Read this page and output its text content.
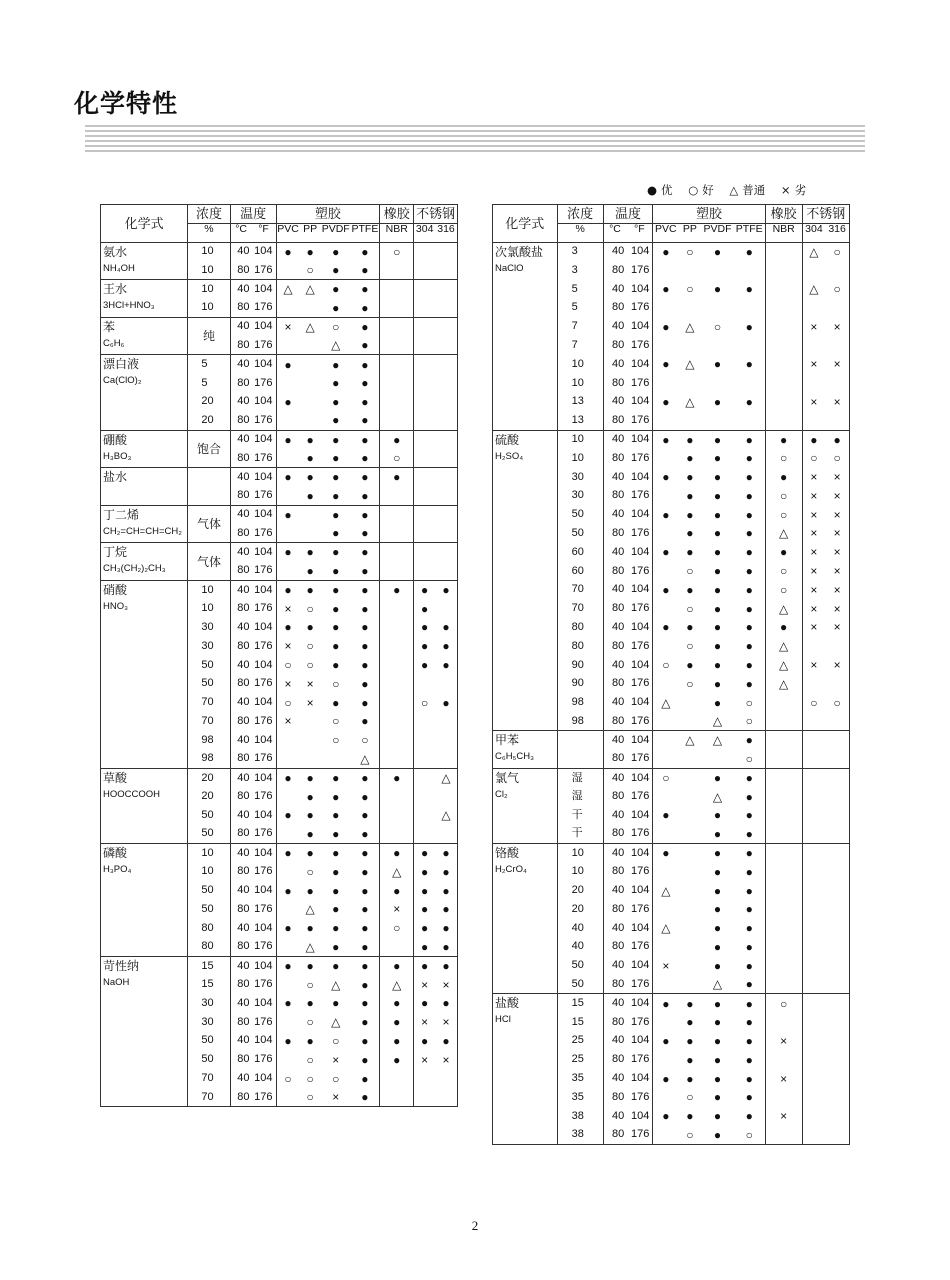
化学特性
● 优 ○ 好 △ 普通 × 劣
化学式	浓度		温度		塑胶				橡胶	不锈钢	
	%		°C	°F	PVC	PP	PVDF	PTFE	NBR	304	316

氨水
NH₄OH		10	40	104	●	●	●	●	○		
		10	80	176		○	●	●			

王水
3HCl+HNO₃		10	40	104	△	△	●	●			
		10	80	176			●	●			

苯
C₆H₆	纯		40	104	×	△	○	●			
			80	176			△	●			

漂白液
Ca(ClO)₂		5	40	104	●		●	●			
		5	80	176			●	●			
		20	40	104	●		●	●			
		20	80	176			●	●			

硼酸
H₃BO₃	饱合		40	104	●	●	●	●	●		
			80	176		●	●	●	○		

盐水			40	104	●	●	●	●	●		
			80	176		●	●	●			

丁二烯
CH₂=CH=CH=CH₂	气体		40	104	●		●	●			
			80	176			●	●			

丁烷
CH₃(CH₂)₂CH₃	气体		40	104	●	●	●	●			
			80	176		●	●	●			

硝酸
HNO₃		10	40	104	●	●	●	●	●	●	●
		10	80	176	×	○	●	●		●	
		30	40	104	●	●	●	●		●	●
		30	80	176	×	○	●	●		●	●
		50	40	104	○	○	●	●		●	●
		50	80	176	×	×	○	●			
		70	40	104	○	×	●	●		○	●
		70	80	176	×		○	●			
		98	40	104			○	○			
		98	80	176				△			

草酸
HOOCCOOH		20	40	104	●	●	●	●	●		△
		20	80	176		●	●	●			
		50	40	104	●	●	●	●			△
		50	80	176		●	●	●			

磷酸
H₃PO₄		10	40	104	●	●	●	●	●	●	●
		10	80	176		○	●	●	△	●	●
		50	40	104	●	●	●	●	●	●	●
		50	80	176		△	●	●	×	●	●
		80	40	104	●	●	●	●	○	●	●
		80	80	176		△	●	●		●	●

苛性纳
NaOH		15	40	104	●	●	●	●	●	●	●
		15	80	176		○	△	●	△	×	×
		30	40	104	●	●	●	●	●	●	●
		30	80	176		○	△	●	●	×	×
		50	40	104	●	●	○	●	●	●	●
		50	80	176		○	×	●	●	×	×
		70	40	104	○	○	○	●			
		70	80	176		○	×	●			
化学式	浓度		温度		塑胶				橡胶	不锈钢	
	%		°C	°F	PVC	PP	PVDF	PTFE	NBR	304	316

次氯酸盐
NaClO		3	40	104	●	○	●	●		△	○
		3	80	176							
		5	40	104	●	○	●	●		△	○
		5	80	176							
		7	40	104	●	△	○	●		×	×
		7	80	176							
		10	40	104	●	△	●	●		×	×
		10	80	176							
		13	40	104	●	△	●	●		×	×
		13	80	176							

硫酸
H₂SO₄		10	40	104	●	●	●	●	●	●	●
		10	80	176		●	●	●	○	○	○
		30	40	104	●	●	●	●	●	×	×
		30	80	176		●	●	●	○	×	×
		50	40	104	●	●	●	●	○	×	×
		50	80	176		●	●	●	△	×	×
		60	40	104	●	●	●	●	●	×	×
		60	80	176		○	●	●	○	×	×
		70	40	104	●	●	●	●	○	×	×
		70	80	176		○	●	●	△	×	×
		80	40	104	●	●	●	●	●	×	×
		80	80	176		○	●	●	△		
		90	40	104	○	●	●	●	△	×	×
		90	80	176		○	●	●	△		
		98	40	104	△		●	○		○	○
		98	80	176			△	○			

甲苯
C₆H₅CH₃			40	104		△	△	●			
			80	176				○			

氯气
Cl₂		湿	40	104	○		●	●			
		湿	80	176			△	●			
		干	40	104	●		●	●			
		干	80	176			●	●			

铬酸
H₂CrO₄		10	40	104	●		●	●			
		10	80	176			●	●			
		20	40	104	△		●	●			
		20	80	176			●	●			
		40	40	104	△		●	●			
		40	80	176			●	●			
		50	40	104	×		●	●			
		50	80	176			△	●			

盐酸
HCl		15	40	104	●	●	●	●	○		
		15	80	176		●	●	●			
		25	40	104	●	●	●	●	×		
		25	80	176		●	●	●			
		35	40	104	●	●	●	●	×		
		35	80	176		○	●	●			
		38	40	104	●	●	●	●	×		
		38	80	176		○	●	○			
2
